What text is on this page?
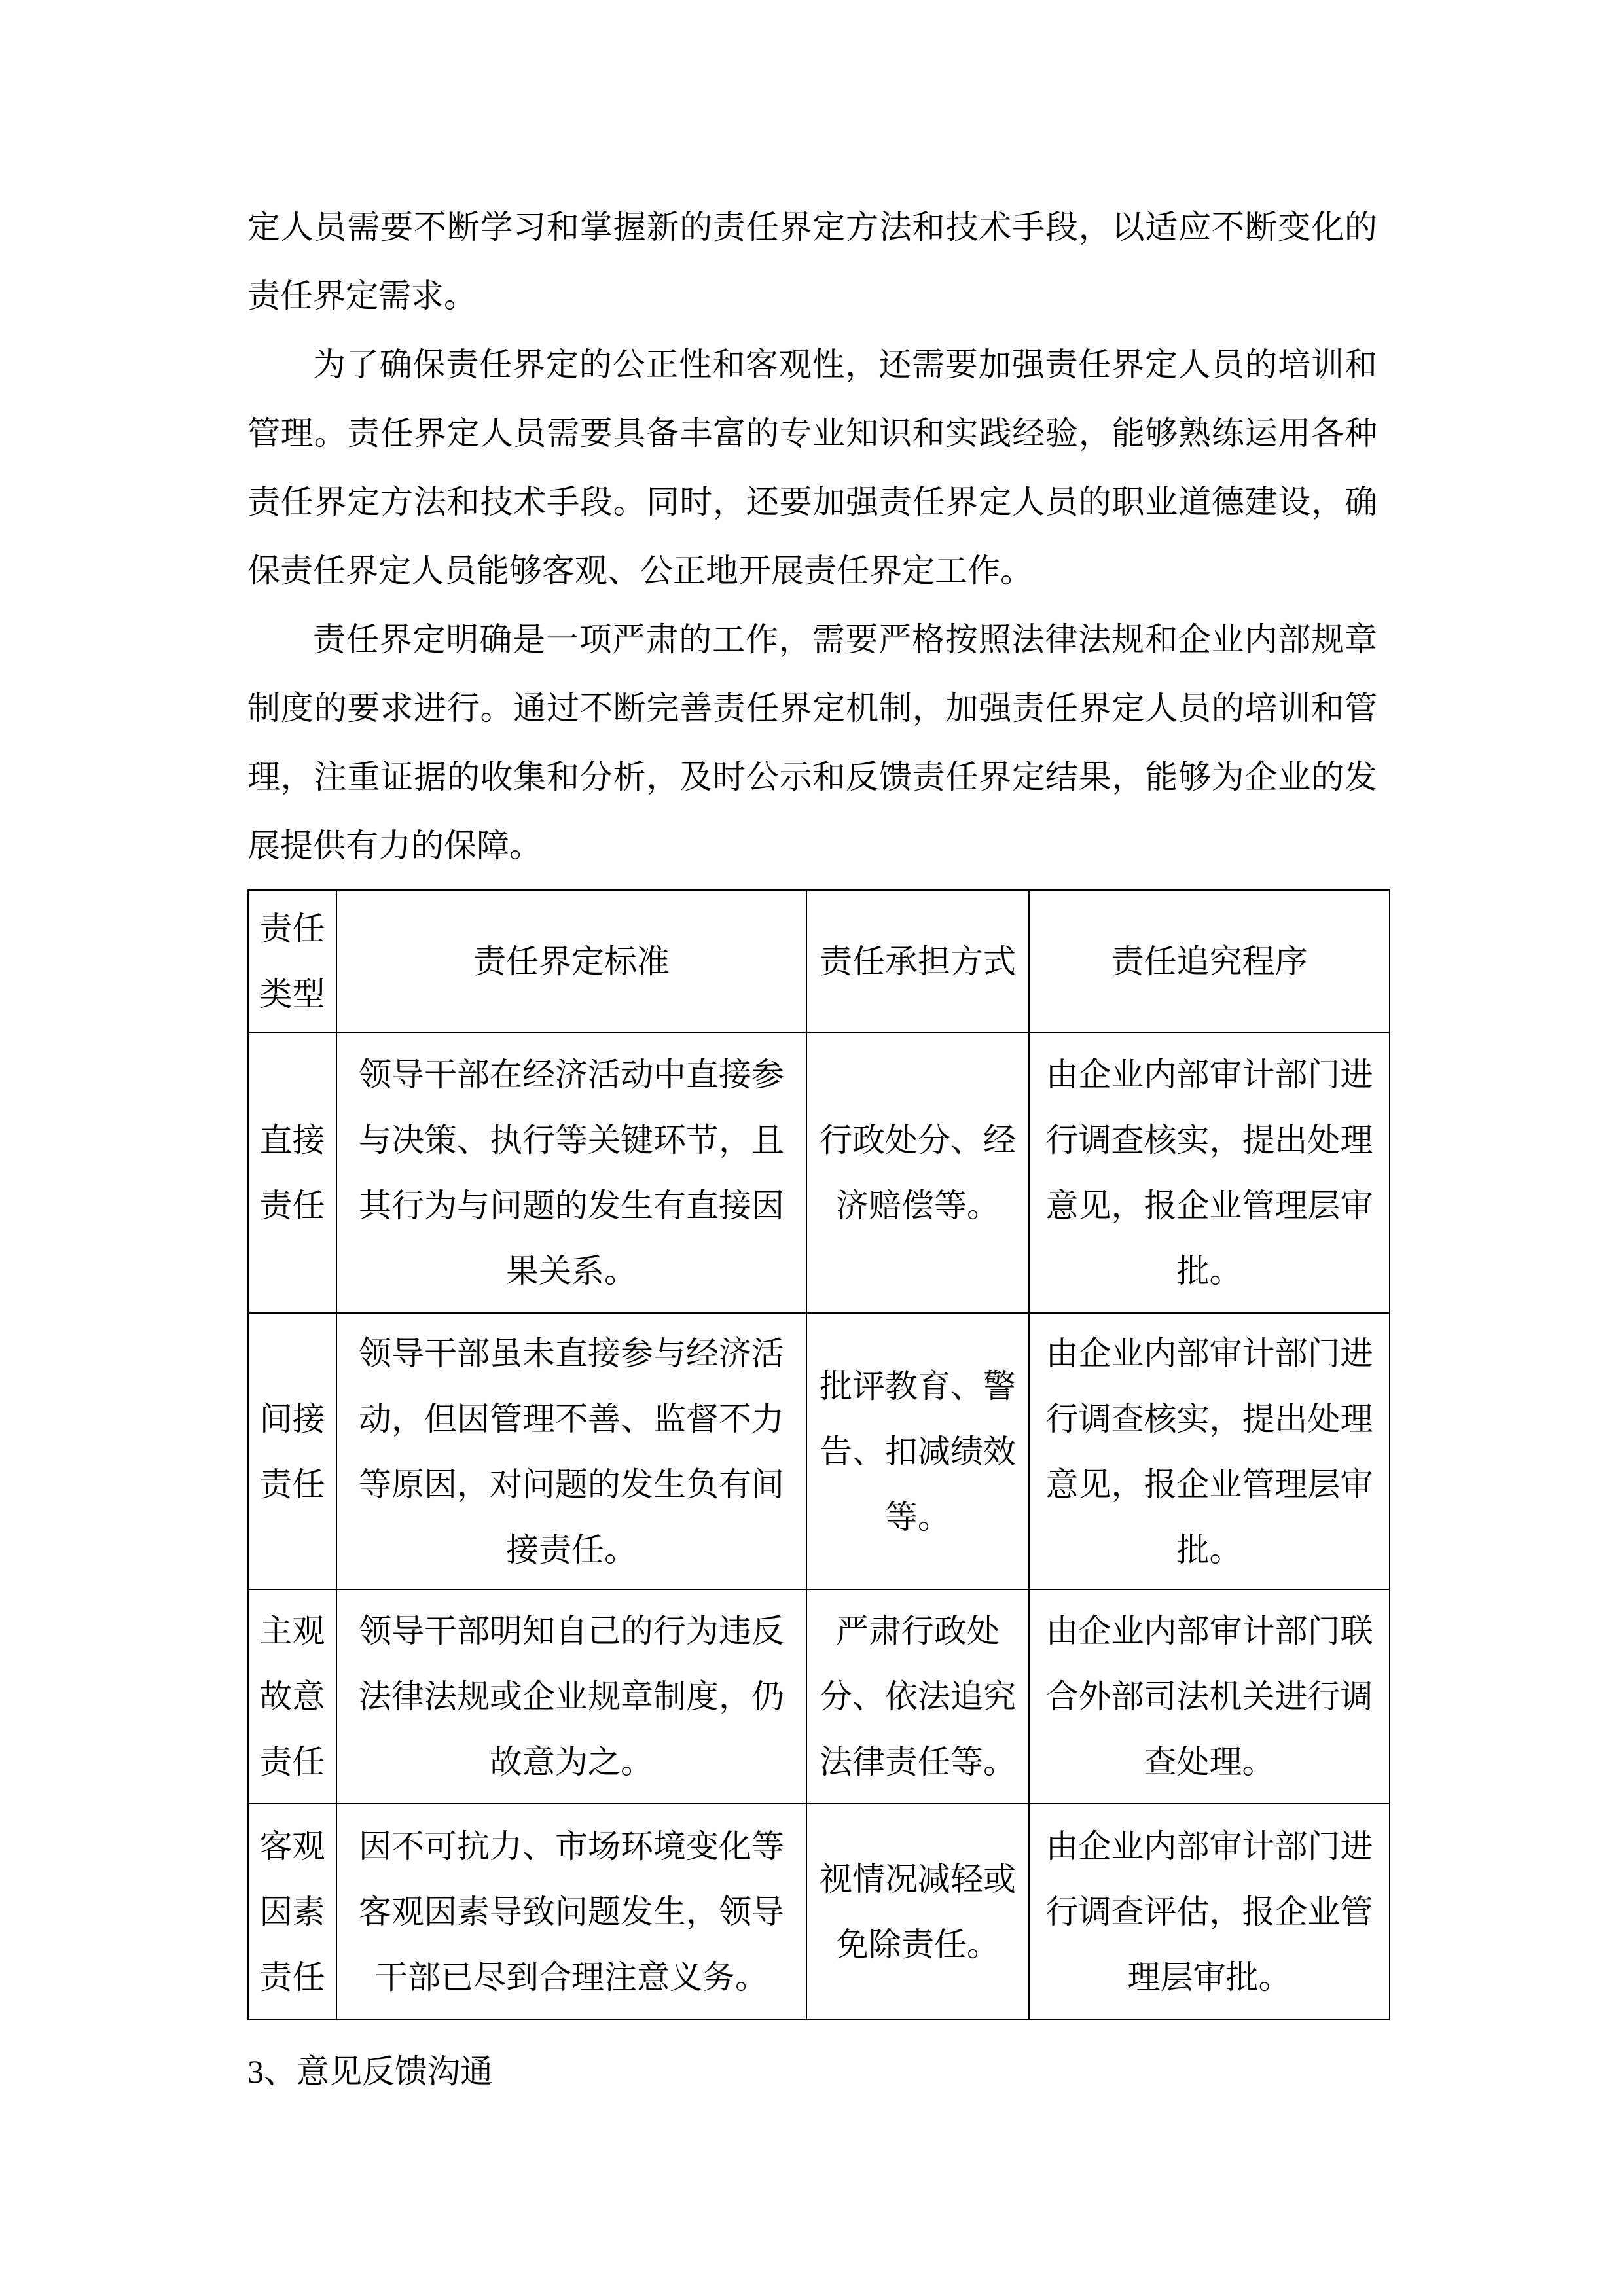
定人员需要不断学习和掌握新的责任界定方法和技术手段，以适应不断变化的责任界定需求。

为了确保责任界定的公正性和客观性，还需要加强责任界定人员的培训和管理。责任界定人员需要具备丰富的专业知识和实践经验，能够熟练运用各种责任界定方法和技术手段。同时，还要加强责任界定人员的职业道德建设，确保责任界定人员能够客观、公正地开展责任界定工作。

责任界定明确是一项严肃的工作，需要严格按照法律法规和企业内部规章制度的要求进行。通过不断完善责任界定机制，加强责任界定人员的培训和管理，注重证据的收集和分析，及时公示和反馈责任界定结果，能够为企业的发展提供有力的保障。

责任类型	责任界定标准	责任承担方式	责任追究程序
直接责任	领导干部在经济活动中直接参与决策、执行等关键环节，且其行为与问题的发生有直接因果关系。	行政处分、经济赔偿等。	由企业内部审计部门进行调查核实，提出处理意见，报企业管理层审批。
间接责任	领导干部虽未直接参与经济活动，但因管理不善、监督不力等原因，对问题的发生负有间接责任。	批评教育、警告、扣减绩效等。	由企业内部审计部门进行调查核实，提出处理意见，报企业管理层审批。
主观故意责任	领导干部明知自己的行为违反法律法规或企业规章制度，仍故意为之。	严肃行政处分、依法追究法律责任等。	由企业内部审计部门联合外部司法机关进行调查处理。
客观因素责任	因不可抗力、市场环境变化等客观因素导致问题发生，领导干部已尽到合理注意义务。	视情况减轻或免除责任。	由企业内部审计部门进行调查评估，报企业管理层审批。

3、意见反馈沟通
